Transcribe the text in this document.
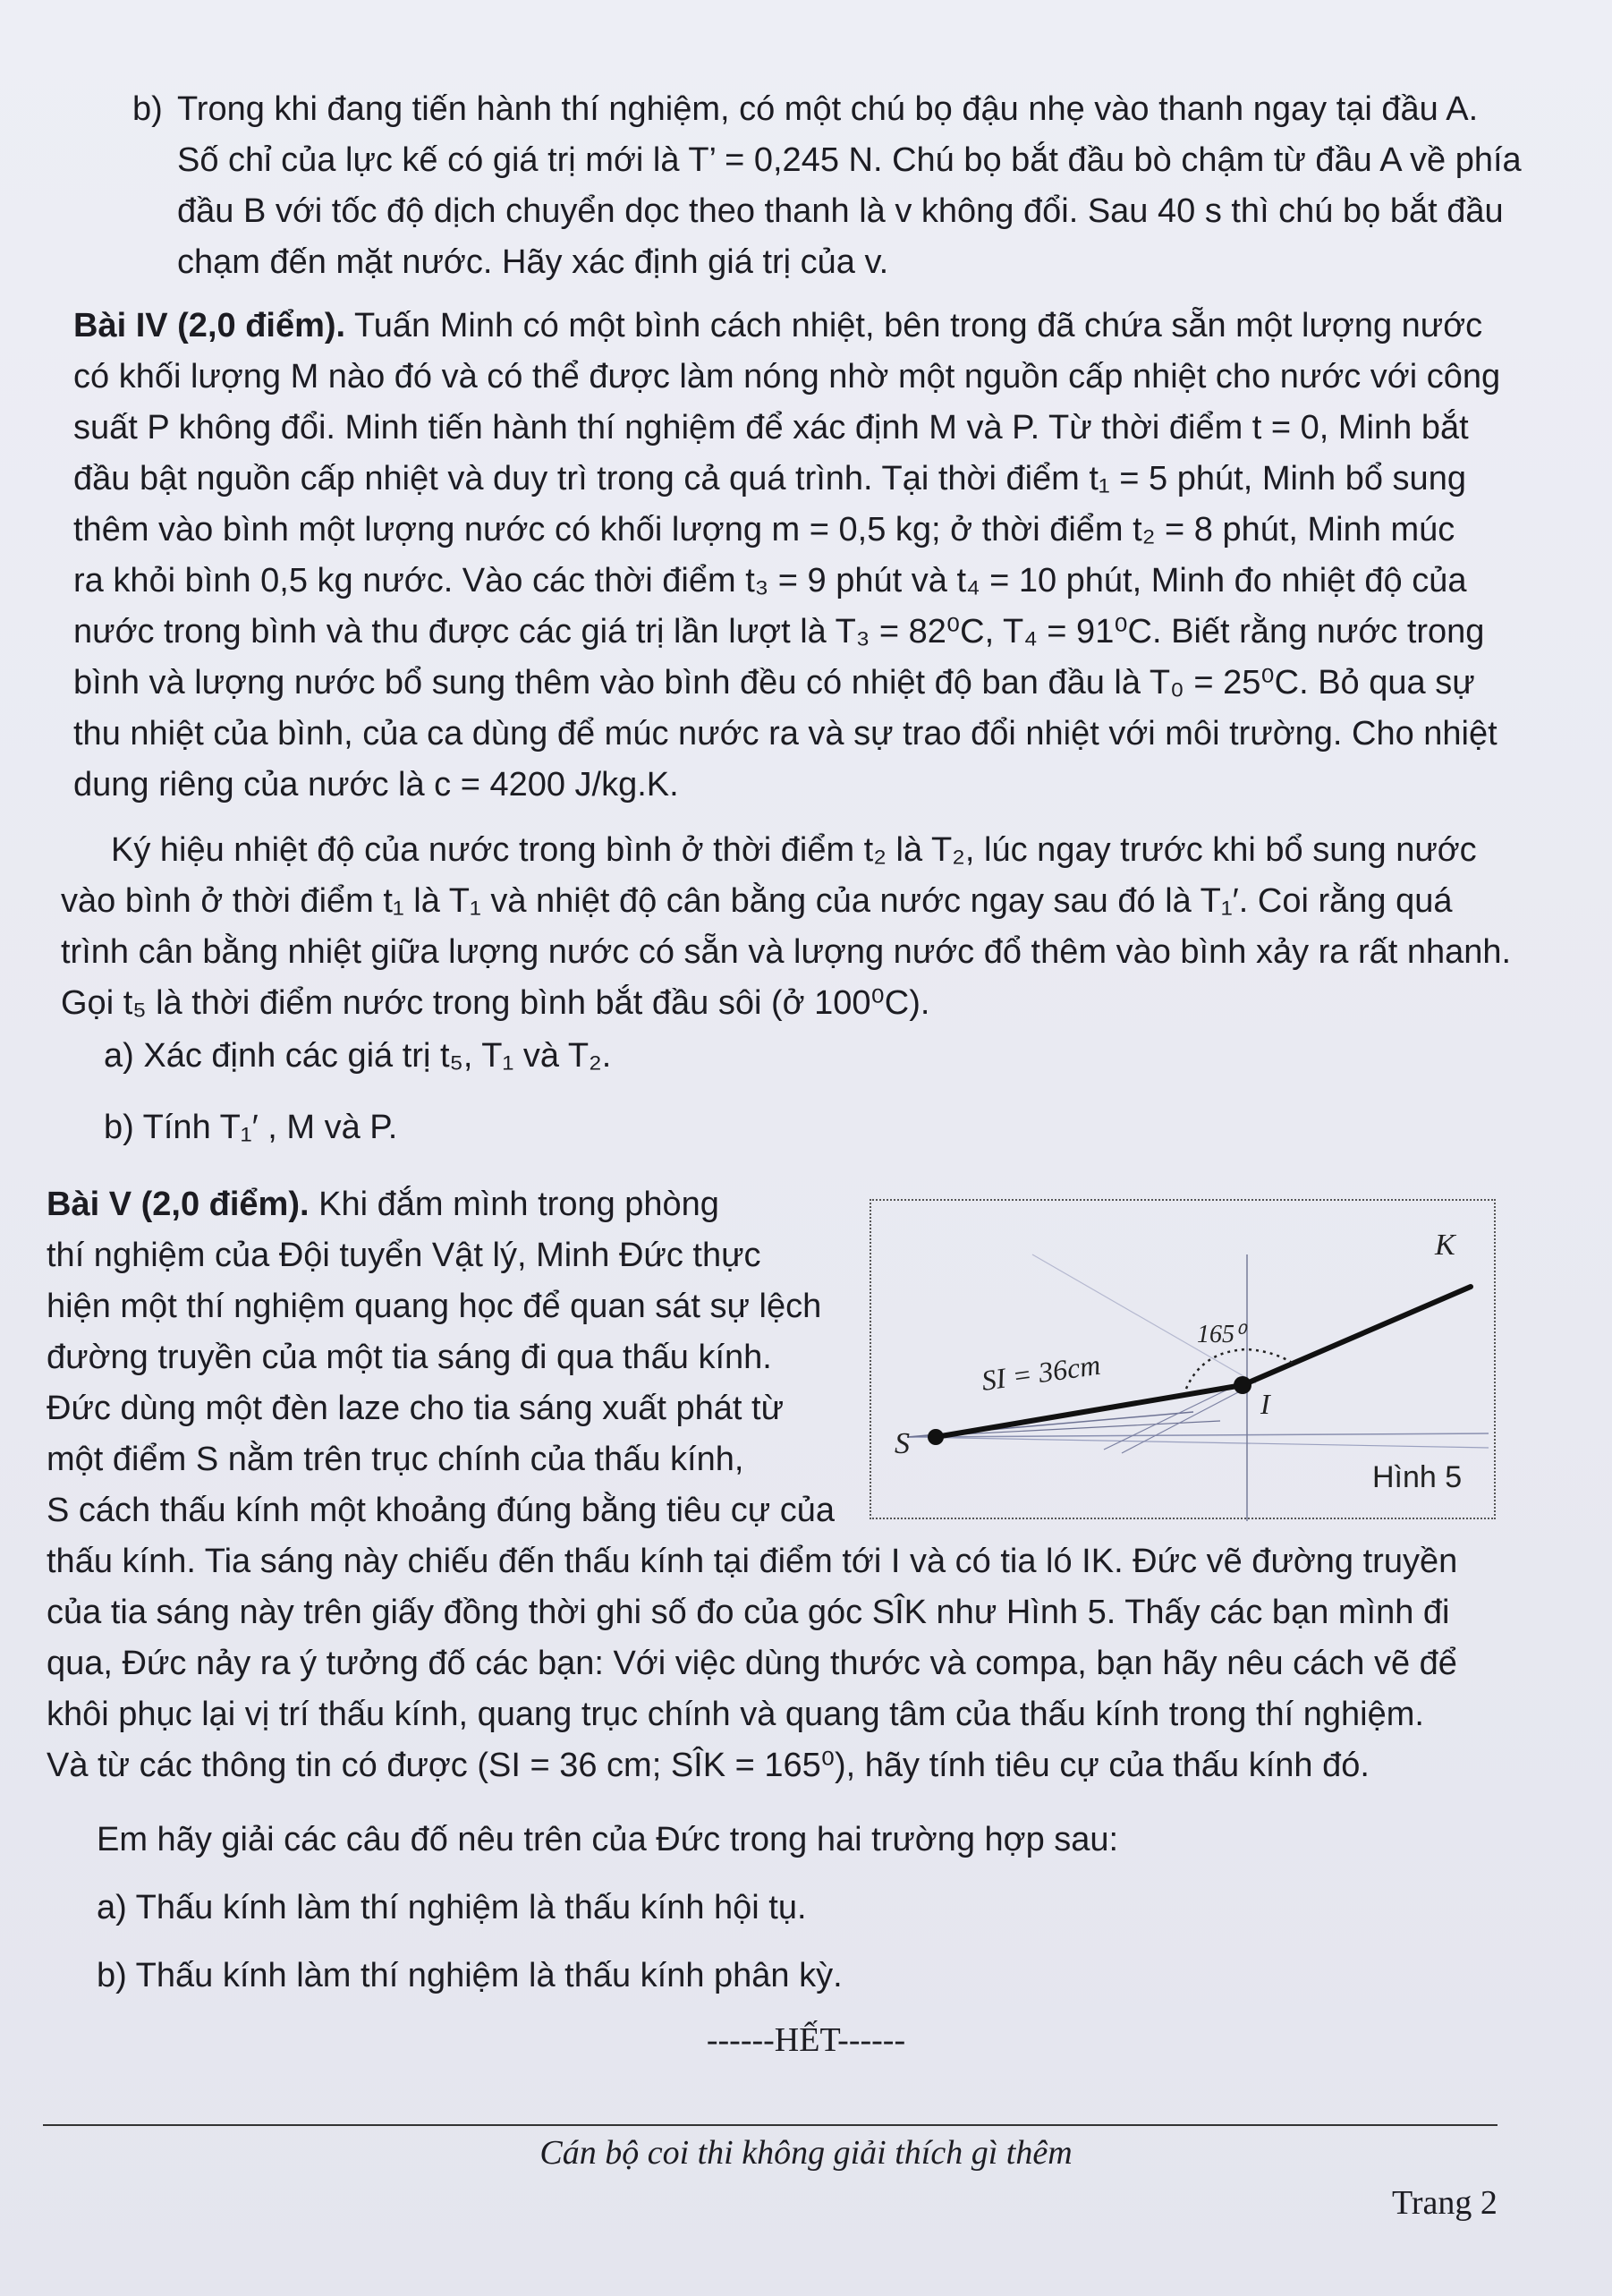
b) Trong khi đang tiến hành thí nghiệm, có một chú bọ đậu nhẹ vào thanh ngay tại đầu A.
Số chỉ của lực kế có giá trị mới là T’ = 0,245 N. Chú bọ bắt đầu bò chậm từ đầu A về phía
đầu B với tốc độ dịch chuyển dọc theo thanh là v không đổi. Sau 40 s thì chú bọ bắt đầu
chạm đến mặt nước. Hãy xác định giá trị của v.
Bài IV (2,0 điểm). Tuấn Minh có một bình cách nhiệt, bên trong đã chứa sẵn một lượng nước
có khối lượng M nào đó và có thể được làm nóng nhờ một nguồn cấp nhiệt cho nước với công
suất P không đổi. Minh tiến hành thí nghiệm để xác định M và P. Từ thời điểm t = 0, Minh bắt
đầu bật nguồn cấp nhiệt và duy trì trong cả quá trình. Tại thời điểm t₁ = 5 phút, Minh bổ sung
thêm vào bình một lượng nước có khối lượng m = 0,5 kg; ở thời điểm t₂ = 8 phút, Minh múc
ra khỏi bình 0,5 kg nước. Vào các thời điểm t₃ = 9 phút và t₄ = 10 phút, Minh đo nhiệt độ của
nước trong bình và thu được các giá trị lần lượt là T₃ = 82⁰C, T₄ = 91⁰C. Biết rằng nước trong
bình và lượng nước bổ sung thêm vào bình đều có nhiệt độ ban đầu là T₀ = 25⁰C. Bỏ qua sự
thu nhiệt của bình, của ca dùng để múc nước ra và sự trao đổi nhiệt với môi trường. Cho nhiệt
dung riêng của nước là c = 4200 J/kg.K.
Ký hiệu nhiệt độ của nước trong bình ở thời điểm t₂ là T₂, lúc ngay trước khi bổ sung nước
vào bình ở thời điểm t₁ là T₁ và nhiệt độ cân bằng của nước ngay sau đó là T₁′. Coi rằng quá
trình cân bằng nhiệt giữa lượng nước có sẵn và lượng nước đổ thêm vào bình xảy ra rất nhanh.
Gọi t₅ là thời điểm nước trong bình bắt đầu sôi (ở 100⁰C).
a) Xác định các giá trị t₅, T₁ và T₂.
b) Tính T₁′ , M và P.
Bài V (2,0 điểm). Khi đắm mình trong phòng
thí nghiệm của Đội tuyển Vật lý, Minh Đức thực
hiện một thí nghiệm quang học để quan sát sự lệch
đường truyền của một tia sáng đi qua thấu kính.
Đức dùng một đèn laze cho tia sáng xuất phát từ
một điểm S nằm trên trục chính của thấu kính,
S cách thấu kính một khoảng đúng bằng tiêu cự của
K
I
S
SI = 36cm
165⁰
Hình 5
thấu kính. Tia sáng này chiếu đến thấu kính tại điểm tới I và có tia ló IK. Đức vẽ đường truyền
của tia sáng này trên giấy đồng thời ghi số đo của góc SÎK như Hình 5. Thấy các bạn mình đi
qua, Đức nảy ra ý tưởng đố các bạn: Với việc dùng thước và compa, bạn hãy nêu cách vẽ để
khôi phục lại vị trí thấu kính, quang trục chính và quang tâm của thấu kính trong thí nghiệm.
Và từ các thông tin có được (SI = 36 cm; SÎK = 165⁰), hãy tính tiêu cự của thấu kính đó.
Em hãy giải các câu đố nêu trên của Đức trong hai trường hợp sau:
a) Thấu kính làm thí nghiệm là thấu kính hội tụ.
b) Thấu kính làm thí nghiệm là thấu kính phân kỳ.
------HẾT------
Cán bộ coi thi không giải thích gì thêm
Trang 2
